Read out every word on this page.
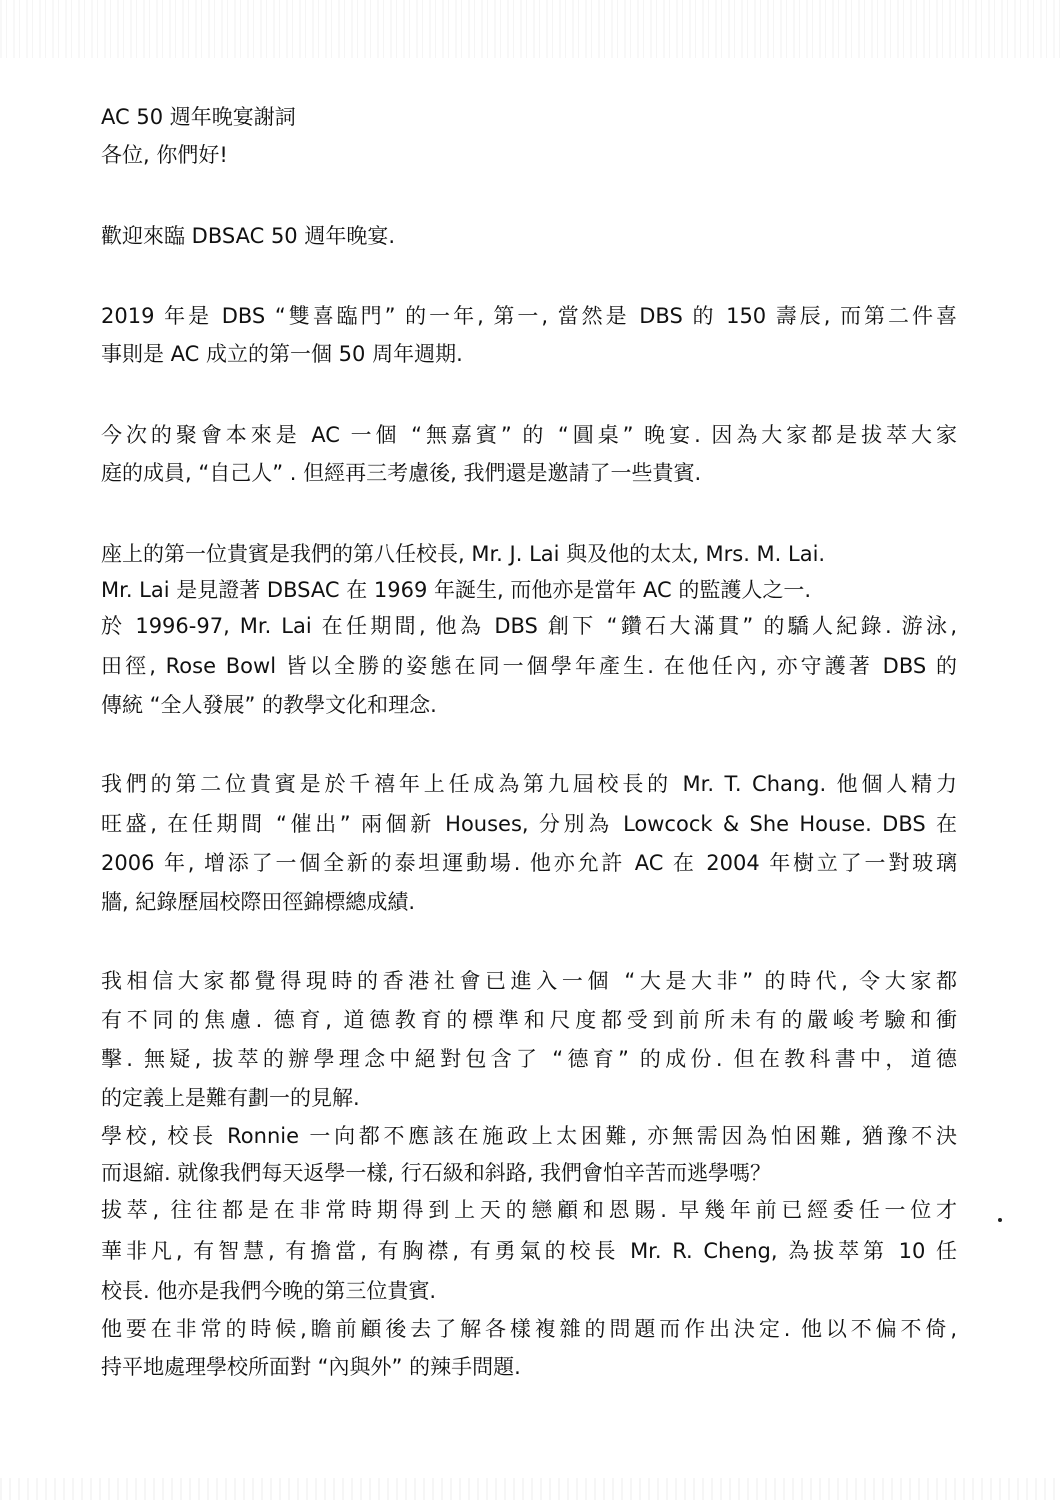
AC 50 週年晚宴謝詞
各位, 你們好!
歡迎來臨 DBSAC 50 週年晚宴.
2019 年是 DBS “雙喜臨門” 的一年, 第一, 當然是 DBS 的 150 壽辰, 而第二件喜
事則是 AC 成立的第一個 50 周年週期.
今次的聚會本來是 AC 一個 “無嘉賓” 的 “圓桌” 晚宴. 因為大家都是拔萃大家
庭的成員, “自己人” . 但經再三考慮後, 我們還是邀請了一些貴賓.
座上的第一位貴賓是我們的第八任校長, Mr. J. Lai 與及他的太太, Mrs. M. Lai.
Mr. Lai 是見證著 DBSAC 在 1969 年誕生, 而他亦是當年 AC 的監護人之一.
於 1996-97, Mr. Lai 在任期間, 他為 DBS 創下 “鑽石大滿貫” 的驕人紀錄. 游泳,
田徑, Rose Bowl 皆以全勝的姿態在同一個學年產生. 在他任內, 亦守護著 DBS 的
傳統 “全人發展” 的教學文化和理念.
我們的第二位貴賓是於千禧年上任成為第九屆校長的 Mr. T. Chang. 他個人精力
旺盛, 在任期間 “催出” 兩個新 Houses, 分別為 Lowcock & She House. DBS 在
2006 年, 增添了一個全新的泰坦運動場. 他亦允許 AC 在 2004 年樹立了一對玻璃
牆, 紀錄歷屆校際田徑錦標總成績.
我相信大家都覺得現時的香港社會已進入一個 “大是大非” 的時代, 令大家都
有不同的焦慮. 德育, 道德教育的標準和尺度都受到前所未有的嚴峻考驗和衝
擊. 無疑, 拔萃的辦學理念中絕對包含了 “德育” 的成份. 但在教科書中，道德
的定義上是難有劃一的見解.
學校, 校長 Ronnie 一向都不應該在施政上太困難, 亦無需因為怕困難, 猶豫不決
而退縮. 就像我們每天返學一樣, 行石級和斜路, 我們會怕辛苦而逃學嗎？
拔萃, 往往都是在非常時期得到上天的戀顧和恩賜. 早幾年前已經委任一位才
華非凡, 有智慧, 有擔當, 有胸襟, 有勇氣的校長 Mr. R. Cheng, 為拔萃第 10 任
校長. 他亦是我們今晚的第三位貴賓.
他要在非常的時候,瞻前顧後去了解各樣複雜的問題而作出決定. 他以不偏不倚,
持平地處理學校所面對 “內與外” 的辣手問題.
